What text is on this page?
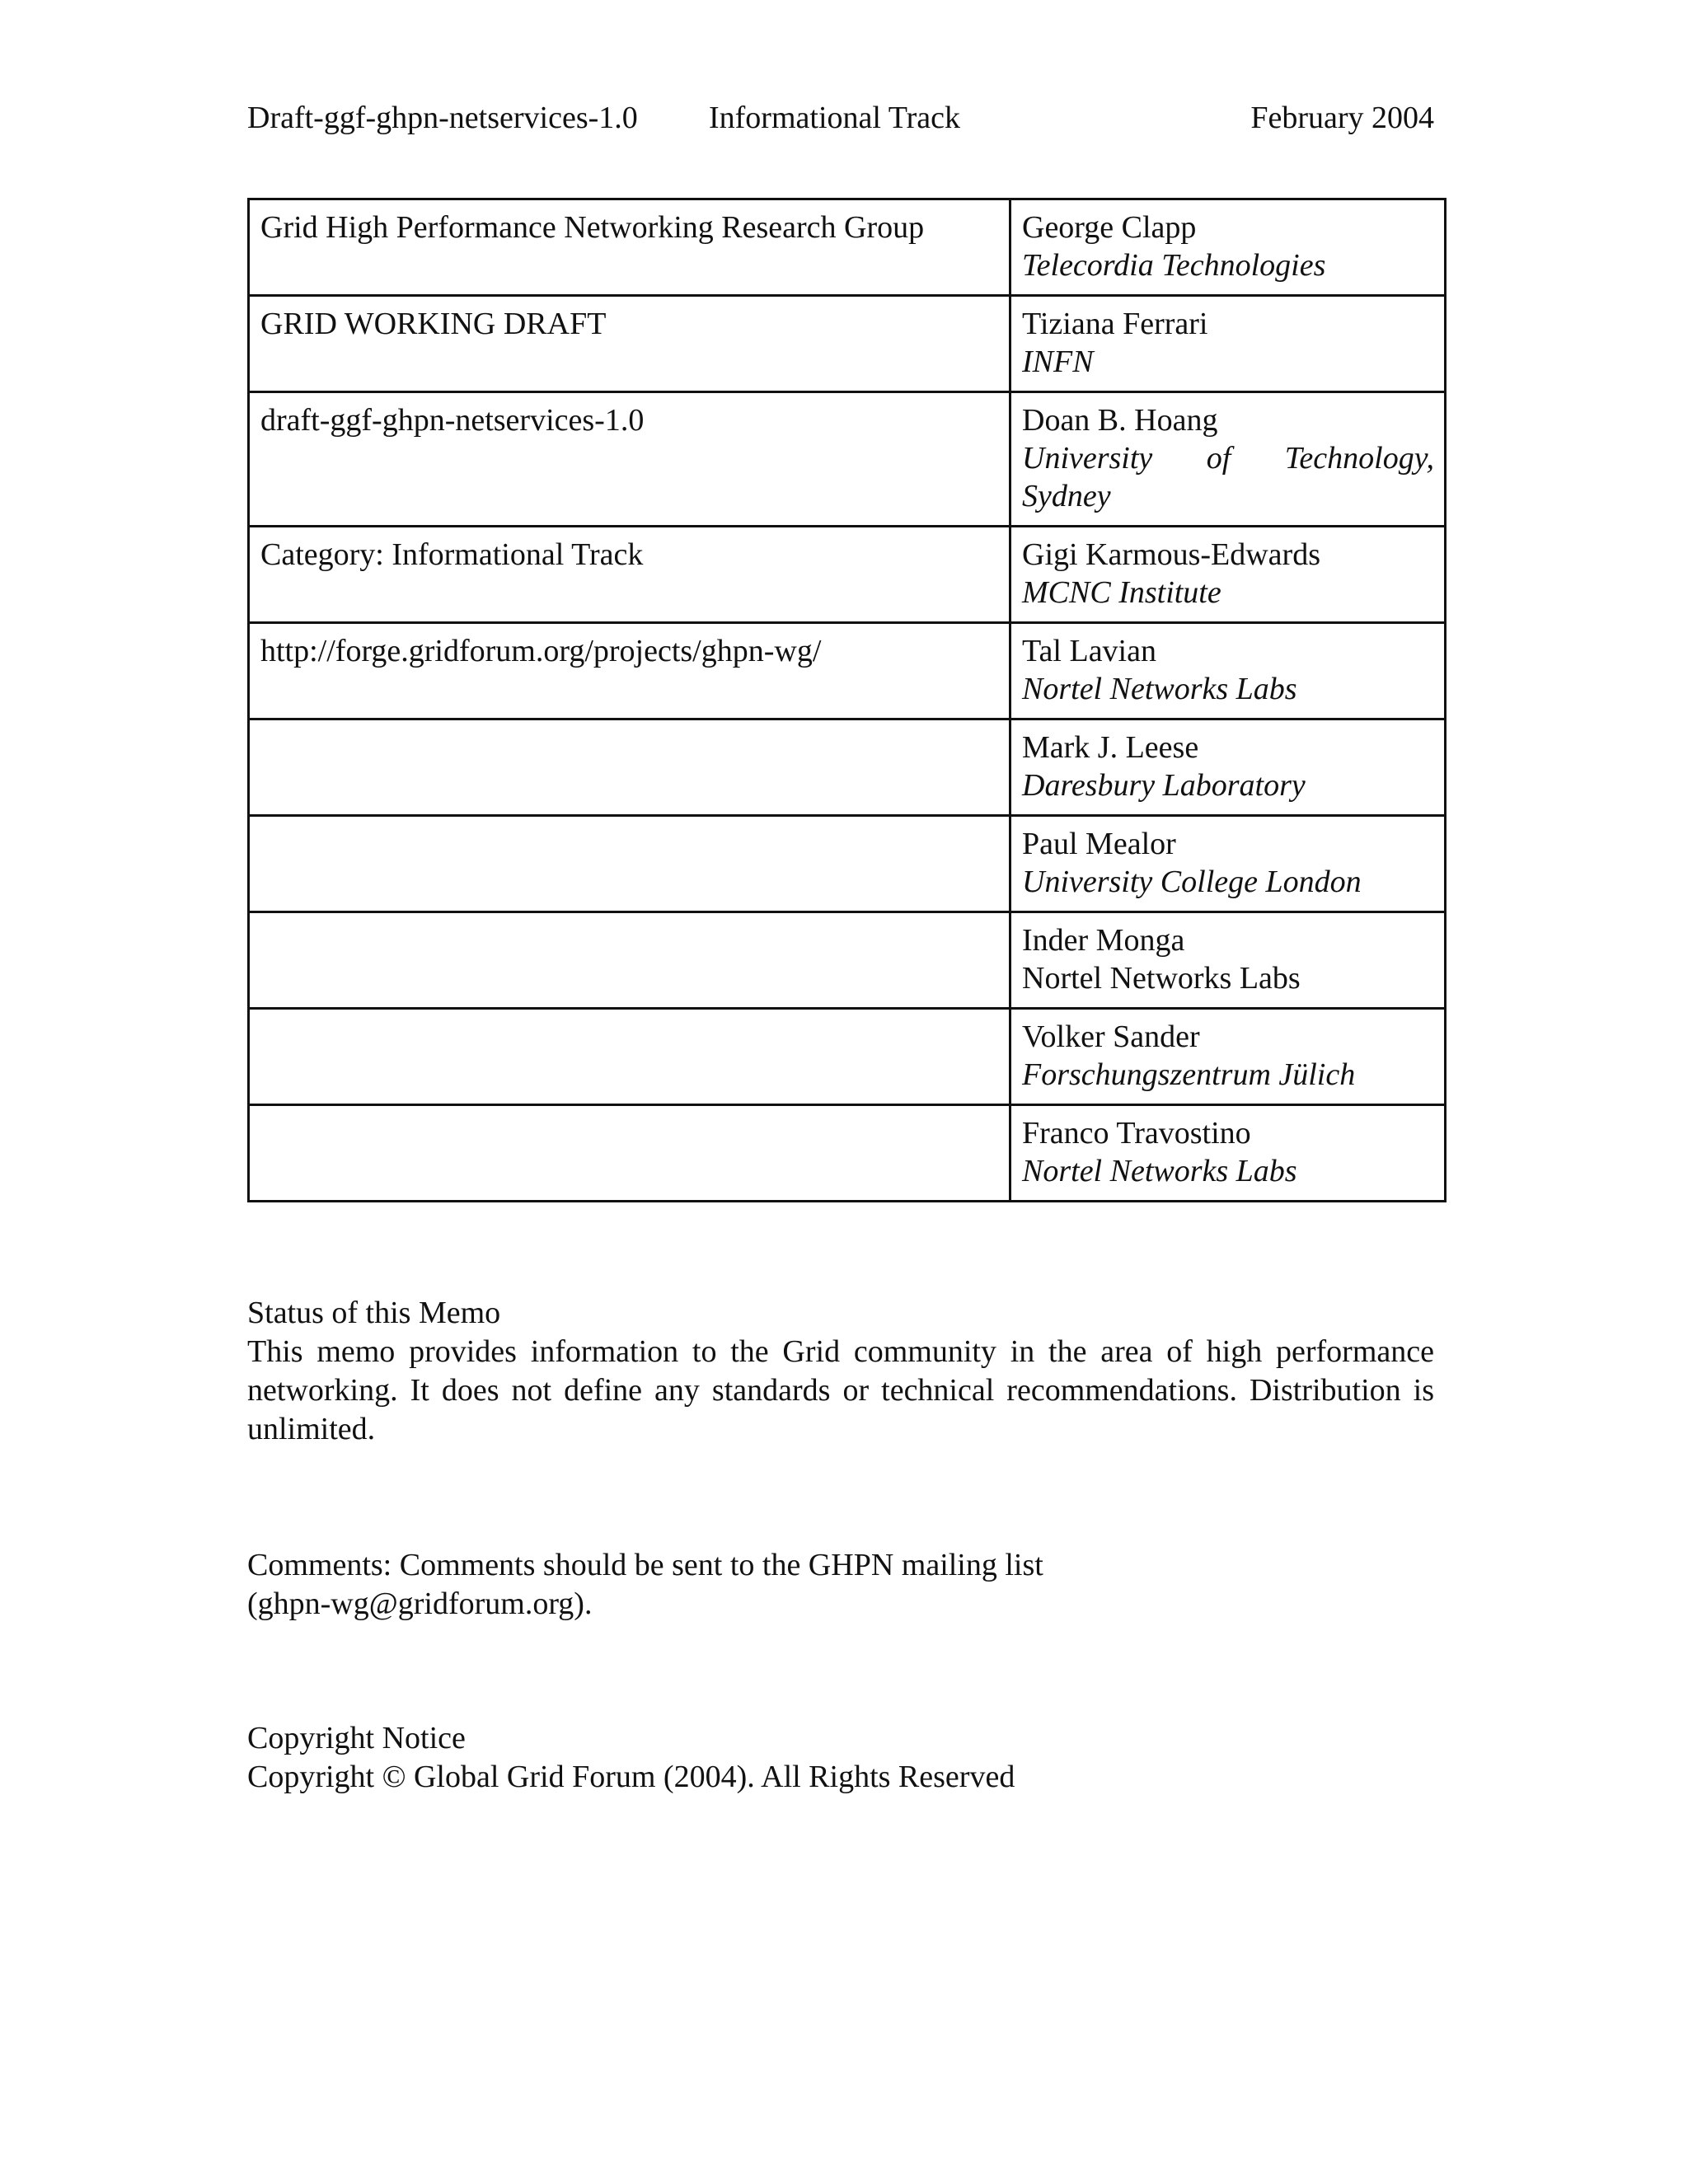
Draft-ggf-ghpn-netservices-1.0 Informational Track	February 2004
Grid High Performance Networking Research Group	George Clapp
Telecordia Technologies

GRID WORKING DRAFT	Tiziana Ferrari
INFN

draft-ggf-ghpn-netservices-1.0	Doan B. Hoang
University of Technology, Sydney

Category: Informational Track	Gigi Karmous-Edwards
MCNC Institute

http://forge.gridforum.org/projects/ghpn-wg/	Tal Lavian
Nortel Networks Labs

	Mark J. Leese
Daresbury Laboratory

	Paul Mealor
University College London

	Inder Monga
Nortel Networks Labs

	Volker Sander
Forschungszentrum Jülich

	Franco Travostino
Nortel Networks Labs
Status of this Memo
This memo provides information to the Grid community in the area of high performance networking. It does not define any standards or technical recommendations. Distribution is unlimited.
Comments: Comments should be sent to the GHPN mailing list
(ghpn-wg@gridforum.org).
Copyright Notice
Copyright © Global Grid Forum (2004). All Rights Reserved
